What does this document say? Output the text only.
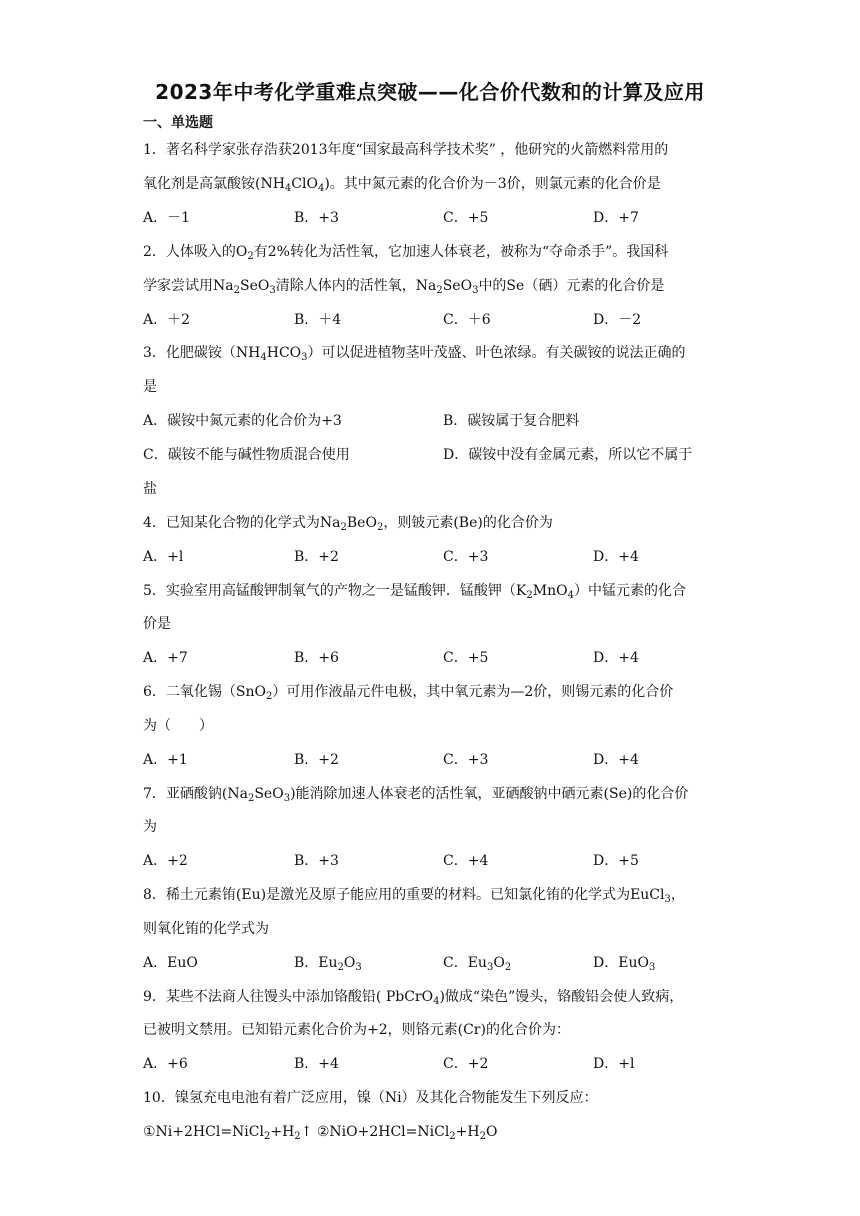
2023年中考化学重难点突破——化合价代数和的计算及应用
一、单选题
1．著名科学家张存浩获2013年度“国家最高科学技术奖” ，他研究的火箭燃料常用的
氧化剂是高氯酸铵$(NH_4ClO_4)$。其中氮元素的化合价为－3价，则氯元素的化合价是
A．－1	B．+3	C．+5	D．+7
2．人体吸入的$O_2$有2%转化为活性氧，它加速人体衰老，被称为“夺命杀手”。我国科
学家尝试用$Na_2SeO_3$清除人体内的活性氧，$Na_2SeO_3$中的Se（硒）元素的化合价是
A．＋2	B．＋4	C．＋6	D．－2
3．化肥碳铵$(NH_4HCO_3)$可以促进植物茎叶茂盛、叶色浓绿。有关碳铵的说法正确的
是
A．碳铵中氮元素的化合价为+3	B．碳铵属于复合肥料
C．碳铵不能与碱性物质混合使用	D．碳铵中没有金属元素，所以它不属于
盐
4．已知某化合物的化学式为$Na_2BeO_2$，则铍元素(Be)的化合价为
A．+l	B．+2	C．+3	D．+4
5．实验室用高锰酸钾制氧气的产物之一是锰酸钾．锰酸钾$(K_2MnO_4)$中锰元素的化合
价是
A．+7	B．+6	C．+5	D．+4
6．二氧化锡（SnO$_2$）可用作液晶元件电极，其中氧元素为—2价，则锡元素的化合价
为（　　）
A．+1	B．+2	C．+3	D．+4
7．亚硒酸钠$(Na_2SeO_3)$能消除加速人体衰老的活性氧，亚硒酸钠中硒元素(Se)的化合价
为
A．+2	B．+3	C．+4	D．+5
8．稀土元素铕(Eu)是激光及原子能应用的重要的材料。已知氯化铕的化学式为EuCl$_3$，
则氧化铕的化学式为
A．EuO	B．$Eu_2O_3$	C．$Eu_3O_2$	D．EuO$_3$
9．某些不法商人往馒头中添加铬酸铅( PbCrO$_4$)做成“染色”馒头，铬酸铅会使人致病，
已被明文禁用。已知铅元素化合价为+2，则铬元素(Cr)的化合价为：
A．+6	B．+4	C．+2	D．+l
10．镍氢充电电池有着广泛应用，镍（Ni）及其化合物能发生下列反应：
$①Ni+2HCl=NiCl_2+H_2↑$ $②NiO+2HCl=NiCl_2+H_2O$
